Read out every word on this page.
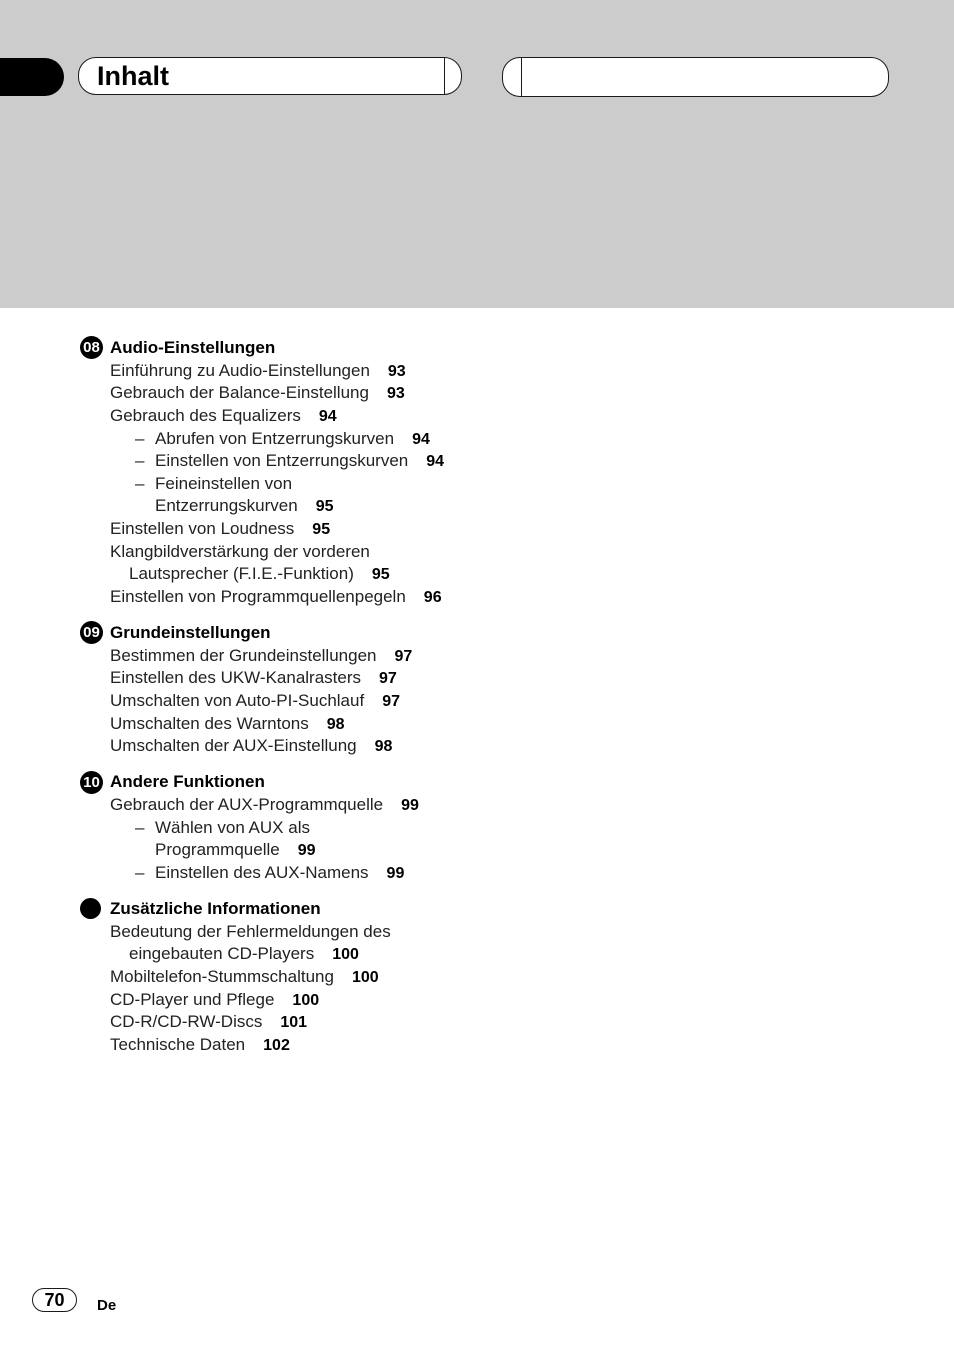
Inhalt
08 Audio-Einstellungen
Einführung zu Audio-Einstellungen 93
Gebrauch der Balance-Einstellung 93
Gebrauch des Equalizers 94
– Abrufen von Entzerrungskurven 94
– Einstellen von Entzerrungskurven 94
– Feineinstellen von
Entzerrungskurven 95
Einstellen von Loudness 95
Klangbildverstärkung der vorderen
Lautsprecher (F.I.E.-Funktion) 95
Einstellen von Programmquellenpegeln 96
09 Grundeinstellungen
Bestimmen der Grundeinstellungen 97
Einstellen des UKW-Kanalrasters 97
Umschalten von Auto-PI-Suchlauf 97
Umschalten des Warntons 98
Umschalten der AUX-Einstellung 98
10 Andere Funktionen
Gebrauch der AUX-Programmquelle 99
– Wählen von AUX als
Programmquelle 99
– Einstellen des AUX-Namens 99
Zusätzliche Informationen
Bedeutung der Fehlermeldungen des
eingebauten CD-Players 100
Mobiltelefon-Stummschaltung 100
CD-Player und Pflege 100
CD-R/CD-RW-Discs 101
Technische Daten 102
70	De
